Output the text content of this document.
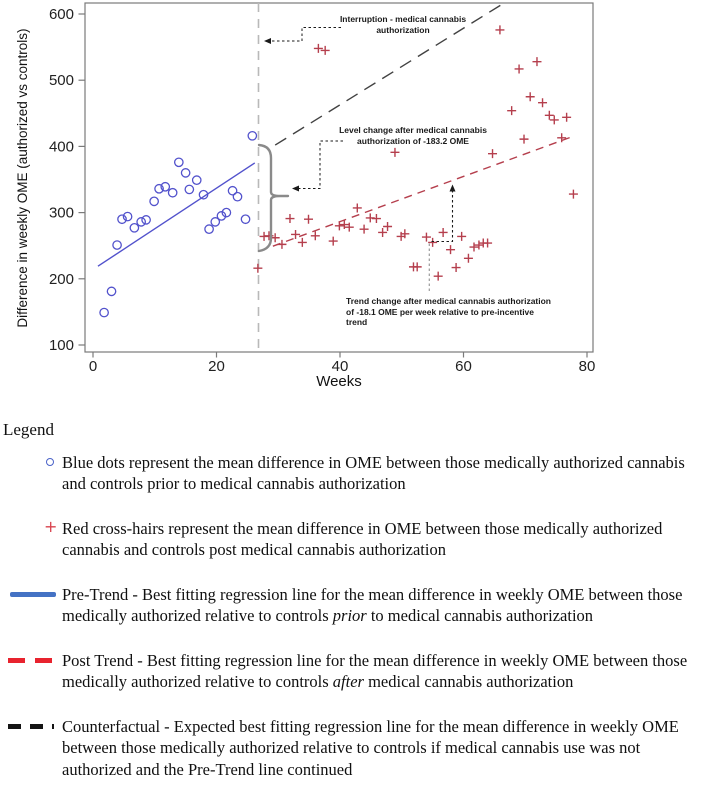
Weeks
Difference in weekly OME (authorized vs controls)
100
200
300
400
500
600
0	20	40	60	80
Interruption - medical cannabis
authorization
Level change after medical cannabis
authorization of -183.2 OME
Trend change after medical cannabis authorization
of -18.1 OME per week relative to pre-incentive trend
Legend
Blue dots represent the mean difference in OME between those medically authorized cannabis and controls prior to medical cannabis authorization
+ Red cross-hairs represent the mean difference in OME between those medically authorized cannabis and controls post medical cannabis authorization
Pre-Trend - Best fitting regression line for the mean difference in weekly OME between those medically authorized relative to controls prior to medical cannabis authorization
Post Trend - Best fitting regression line for the mean difference in weekly OME between those medically authorized relative to controls after medical cannabis authorization
Counterfactual - Expected best fitting regression line for the mean difference in weekly OME between those medically authorized relative to controls if medical cannabis use was not authorized and the Pre-Trend line continued
